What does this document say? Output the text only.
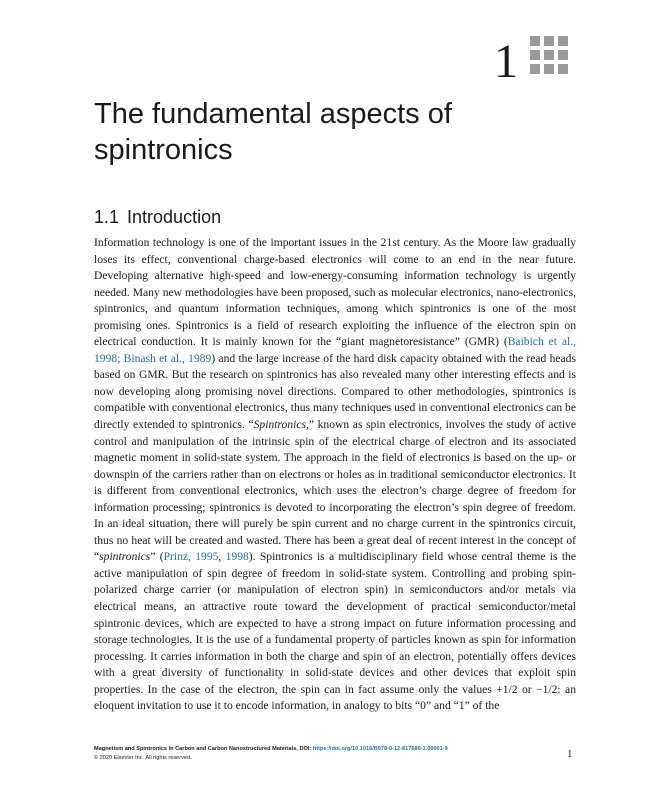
1
The fundamental aspects of spintronics
1.1 Introduction

Information technology is one of the important issues in the 21st century. As the Moore law gradually loses its effect, conventional charge-based electronics will come to an end in the near future. Developing alternative high-speed and low-energy-consuming information technology is urgently needed. Many new methodologies have been proposed, such as molecular electronics, nano-electronics, spintronics, and quantum information techniques, among which spintronics is one of the most promising ones. Spintronics is a field of research exploiting the influence of the electron spin on electrical conduction. It is mainly known for the “giant magnetoresistance” (GMR) (Baibich et al., 1998; Binash et al., 1989) and the large increase of the hard disk capacity obtained with the read heads based on GMR. But the research on spintronics has also revealed many other interesting effects and is now developing along promising novel directions. Compared to other methodologies, spintronics is compatible with conventional electronics, thus many techniques used in conventional electronics can be directly extended to spintronics. “Spintronics,” known as spin electronics, involves the study of active control and manipulation of the intrinsic spin of the electrical charge of electron and its associated magnetic moment in solid-state system. The approach in the field of electronics is based on the up- or downspin of the carriers rather than on electrons or holes as in traditional semiconductor electronics. It is different from conventional electronics, which uses the electron’s charge degree of freedom for information processing; spintronics is devoted to incorporating the electron’s spin degree of freedom. In an ideal situation, there will purely be spin current and no charge current in the spintronics circuit, thus no heat will be created and wasted. There has been a great deal of recent interest in the concept of “spintronics” (Prinz, 1995, 1998). Spintronics is a multidisciplinary field whose central theme is the active manipulation of spin degree of freedom in solid-state system. Controlling and probing spin-polarized charge carrier (or manipulation of electron spin) in semiconductors and/or metals via electrical means, an attractive route toward the development of practical semiconductor/metal spintronic devices, which are expected to have a strong impact on future information processing and storage technologies. It is the use of a fundamental property of particles known as spin for information processing. It carries information in both the charge and spin of an electron, potentially offers devices with a great diversity of functionality in solid-state devices and other devices that exploit spin properties. In the case of the electron, the spin can in fact assume only the values +1/2 or −1/2: an eloquent invitation to use it to encode information, in analogy to bits “0” and “1” of the

Magnetism and Spintronics in Carbon and Carbon Nanostructured Materials. DOI: https://doi.org/10.1016/B978-0-12-817680-1.00001-9
© 2020 Elsevier Inc. All rights reserved.	1
